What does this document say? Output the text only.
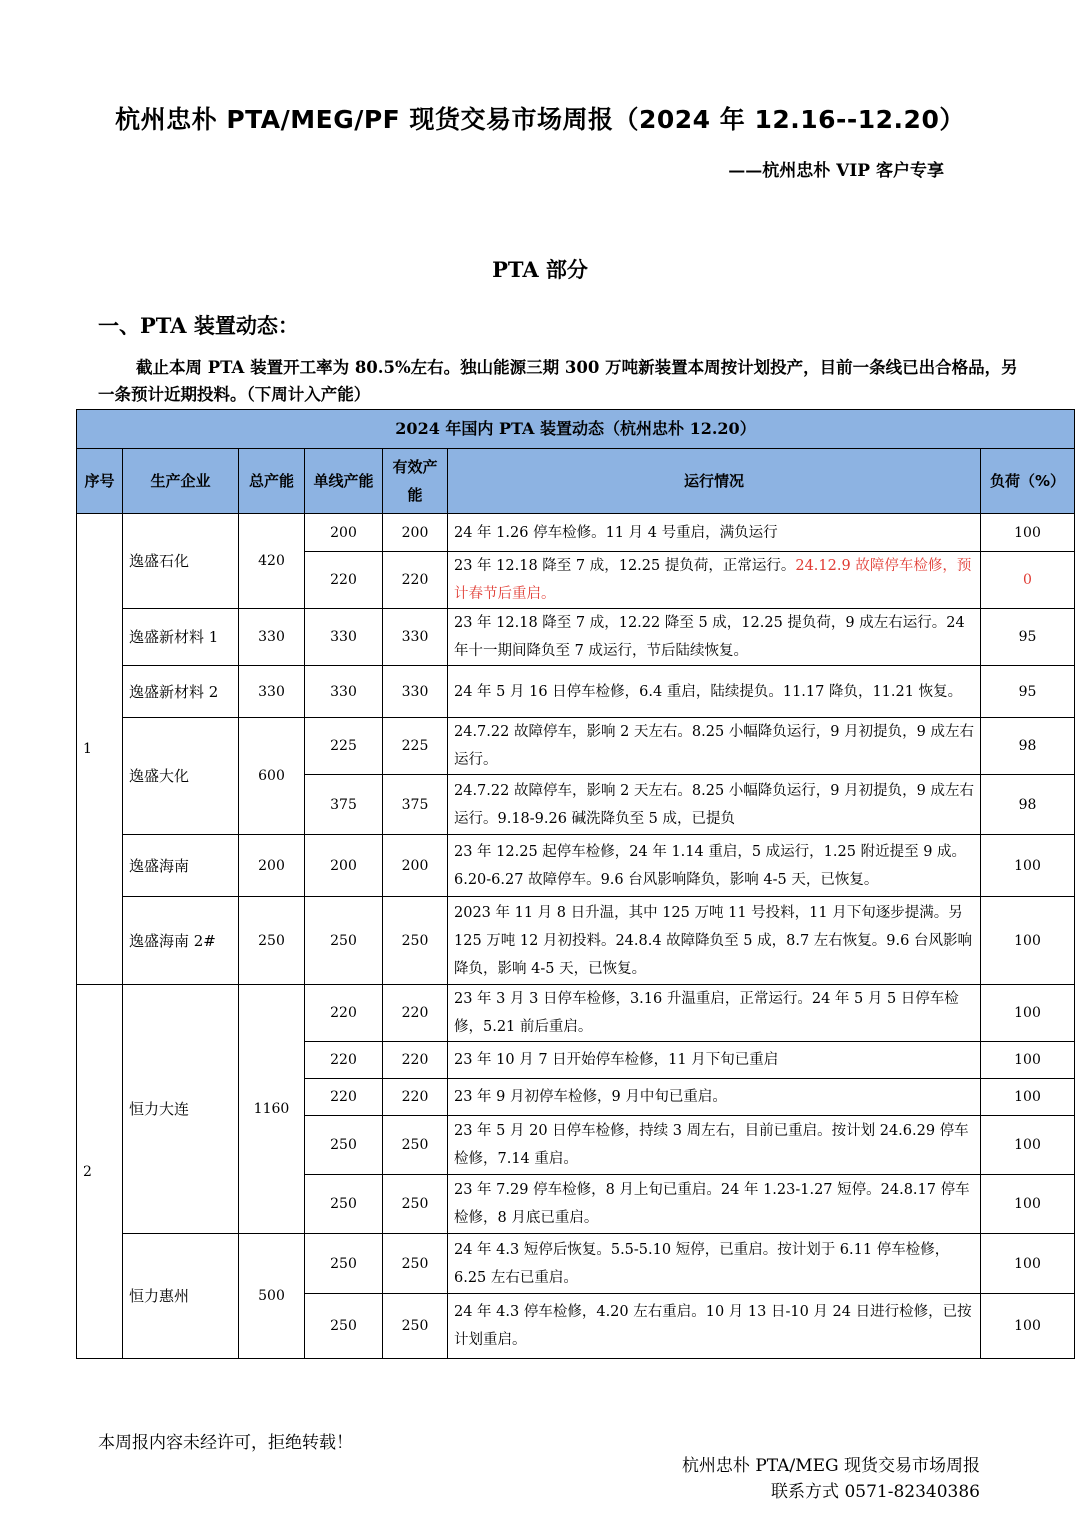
杭州忠朴 PTA/MEG/PF 现货交易市场周报（2024 年 12.16--12.20）
——杭州忠朴 VIP 客户专享
PTA 部分
一、PTA 装置动态：
截止本周 PTA 装置开工率为 80.5%左右。独山能源三期 300 万吨新装置本周按计划投产，目前一条线已出合格品，另一条预计近期投料。（下周计入产能）
2024 年国内 PTA 装置动态（杭州忠朴 12.20）						
序号	生产企业	总产能	单线产能	有效产能	运行情况	负荷（%）
1	逸盛石化	420	200	200	24 年 1.26 停车检修。11 月 4 号重启，满负运行	100
			220	220	23 年 12.18 降至 7 成，12.25 提负荷，正常运行。24.12.9 故障停车检修，预计春节后重启。	0
	逸盛新材料 1	330	330	330	23 年 12.18 降至 7 成，12.22 降至 5 成，12.25 提负荷，9 成左右运行。24 年十一期间降负至 7 成运行，节后陆续恢复。	95
	逸盛新材料 2	330	330	330	24 年 5 月 16 日停车检修，6.4 重启，陆续提负。11.17 降负，11.21 恢复。	95
	逸盛大化	600	225	225	24.7.22 故障停车，影响 2 天左右。8.25 小幅降负运行，9 月初提负，9 成左右运行。	98
			375	375	24.7.22 故障停车，影响 2 天左右。8.25 小幅降负运行，9 月初提负，9 成左右运行。9.18-9.26 碱洗降负至 5 成，已提负	98
	逸盛海南	200	200	200	23 年 12.25 起停车检修，24 年 1.14 重启，5 成运行，1.25 附近提至 9 成。6.20-6.27 故障停车。9.6 台风影响降负，影响 4-5 天，已恢复。	100
	逸盛海南 2#	250	250	250	2023 年 11 月 8 日升温，其中 125 万吨 11 号投料，11 月下旬逐步提满。另 125 万吨 12 月初投料。24.8.4 故障降负至 5 成，8.7 左右恢复。9.6 台风影响降负，影响 4-5 天，已恢复。	100
2	恒力大连	1160	220	220	23 年 3 月 3 日停车检修，3.16 升温重启，正常运行。24 年 5 月 5 日停车检修，5.21 前后重启。	100
			220	220	23 年 10 月 7 日开始停车检修，11 月下旬已重启	100
			220	220	23 年 9 月初停车检修，9 月中旬已重启。	100
			250	250	23 年 5 月 20 日停车检修，持续 3 周左右，目前已重启。按计划 24.6.29 停车检修，7.14 重启。	100
			250	250	23 年 7.29 停车检修，8 月上旬已重启。24 年 1.23-1.27 短停。24.8.17 停车检修，8 月底已重启。	100
	恒力惠州	500	250	250	24 年 4.3 短停后恢复。5.5-5.10 短停，已重启。按计划于 6.11 停车检修，6.25 左右已重启。	100
			250	250	24 年 4.3 停车检修，4.20 左右重启。10 月 13 日-10 月 24 日进行检修，已按计划重启。	100
本周报内容未经许可，拒绝转载！
杭州忠朴 PTA/MEG 现货交易市场周报
联系方式 0571-82340386
